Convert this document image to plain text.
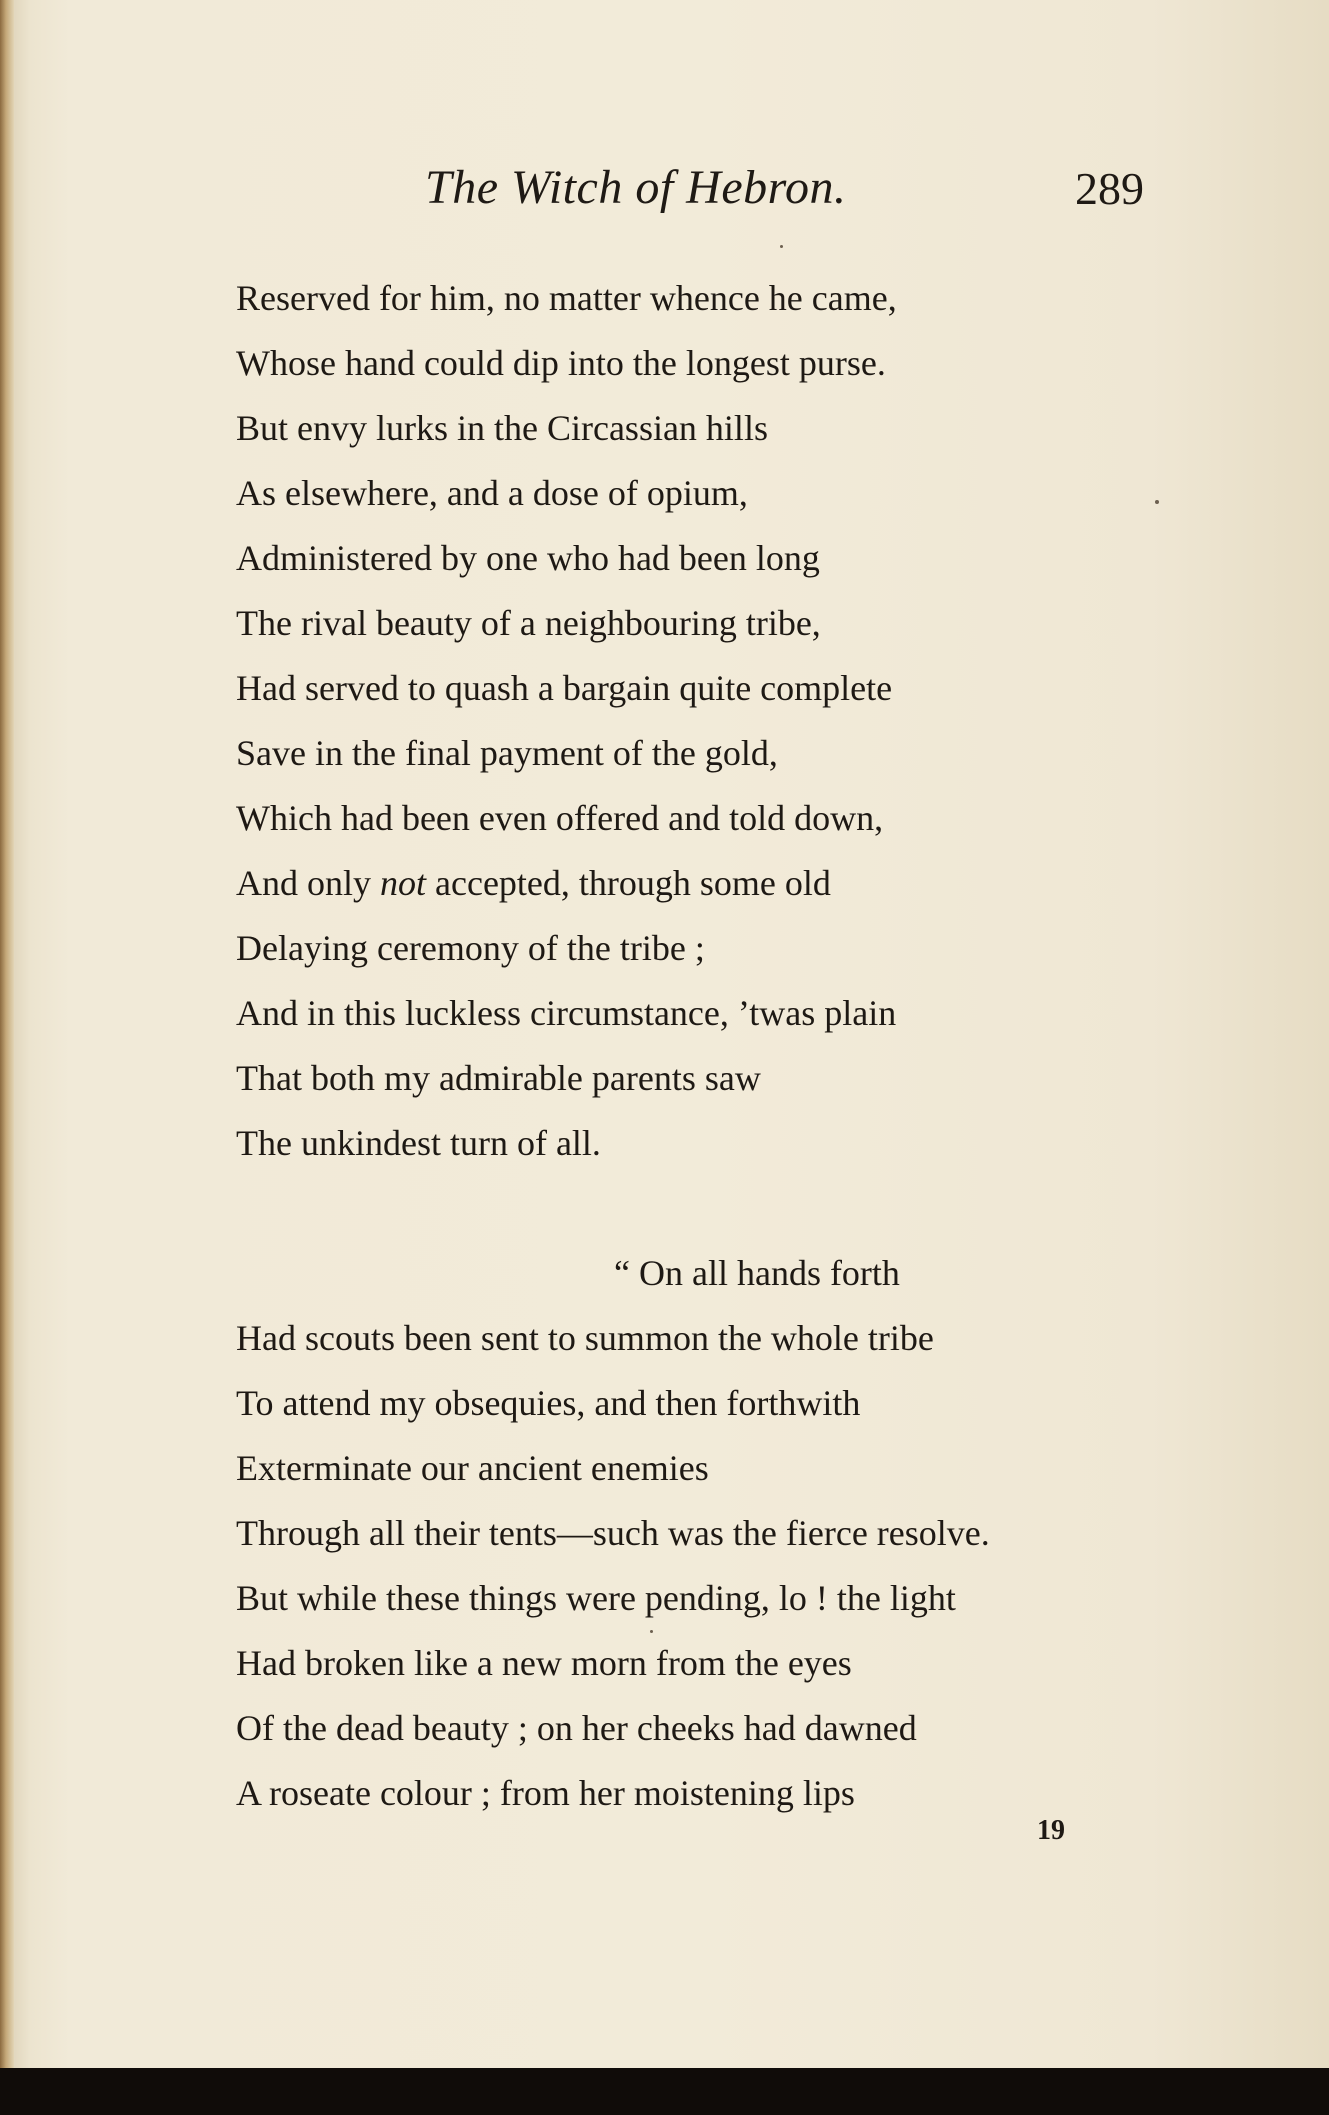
The Witch of Hebron.	289
Reserved for him, no matter whence he came,
Whose hand could dip into the longest purse.
But envy lurks in the Circassian hills
As elsewhere, and a dose of opium,
Administered by one who had been long
The rival beauty of a neighbouring tribe,
Had served to quash a bargain quite complete
Save in the final payment of the gold,
Which had been even offered and told down,
And only not accepted, through some old
Delaying ceremony of the tribe ;
And in this luckless circumstance, ’twas plain
That both my admirable parents saw
The unkindest turn of all.
“ On all hands forth
Had scouts been sent to summon the whole tribe
To attend my obsequies, and then forthwith
Exterminate our ancient enemies
Through all their tents—such was the fierce resolve.
But while these things were pending, lo ! the light
Had broken like a new morn from the eyes
Of the dead beauty ; on her cheeks had dawned
A roseate colour ; from her moistening lips
19
